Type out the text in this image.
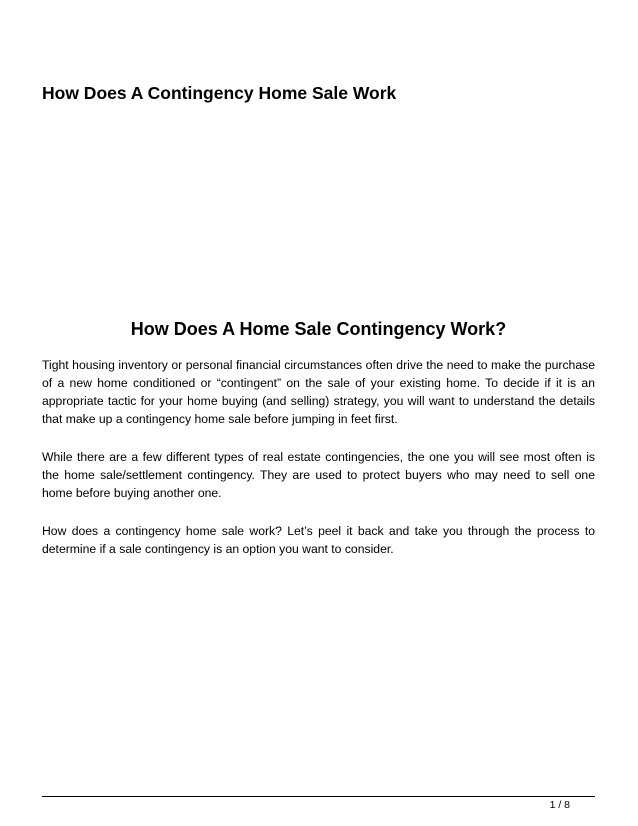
How Does A Contingency Home Sale Work
How Does A Home Sale Contingency Work?

Tight housing inventory or personal financial circumstances often drive the need to make the purchase of a new home conditioned or “contingent” on the sale of your existing home. To decide if it is an appropriate tactic for your home buying (and selling) strategy, you will want to understand the details that make up a contingency home sale before jumping in feet first.

While there are a few different types of real estate contingencies, the one you will see most often is the home sale/settlement contingency. They are used to protect buyers who may need to sell one home before buying another one.

How does a contingency home sale work? Let’s peel it back and take you through the process to determine if a sale contingency is an option you want to consider.

1 / 8
